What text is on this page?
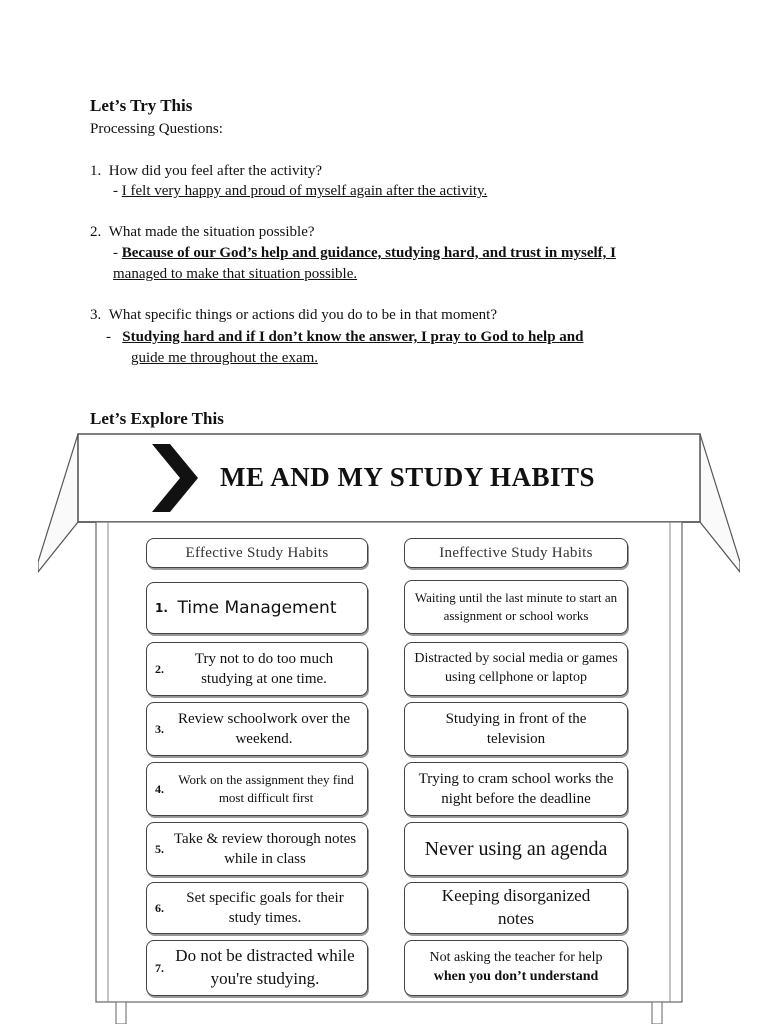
Let’s Try This
Processing Questions:
1. How did you feel after the activity?
- I felt very happy and proud of myself again after the activity.
2. What made the situation possible?
- Because of our God’s help and guidance, studying hard, and trust in myself, I
managed to make that situation possible.
3. What specific things or actions did you do to be in that moment?
-   Studying hard and if I don’t know the answer, I pray to God to help and
guide me throughout the exam.
Let’s Explore This
ME AND MY STUDY HABITS
Effective Study Habits	Ineffective Study Habits
1. Time Management
2.
Try not to do too much studying at one time.
3.
Review schoolwork over the weekend.
4.
Work on the assignment they find most difficult first
5.
Take & review thorough notes while in class
6.
Set specific goals for their study times.
7.
Do not be distracted while you're studying.
Waiting until the last minute to start an assignment or school works
Distracted by social media or games using cellphone or laptop
Studying in front of the television
Trying to cram school works the night before the deadline
Never using an agenda
Keeping disorganized notes
Not asking the teacher for help
when you don’t understand
